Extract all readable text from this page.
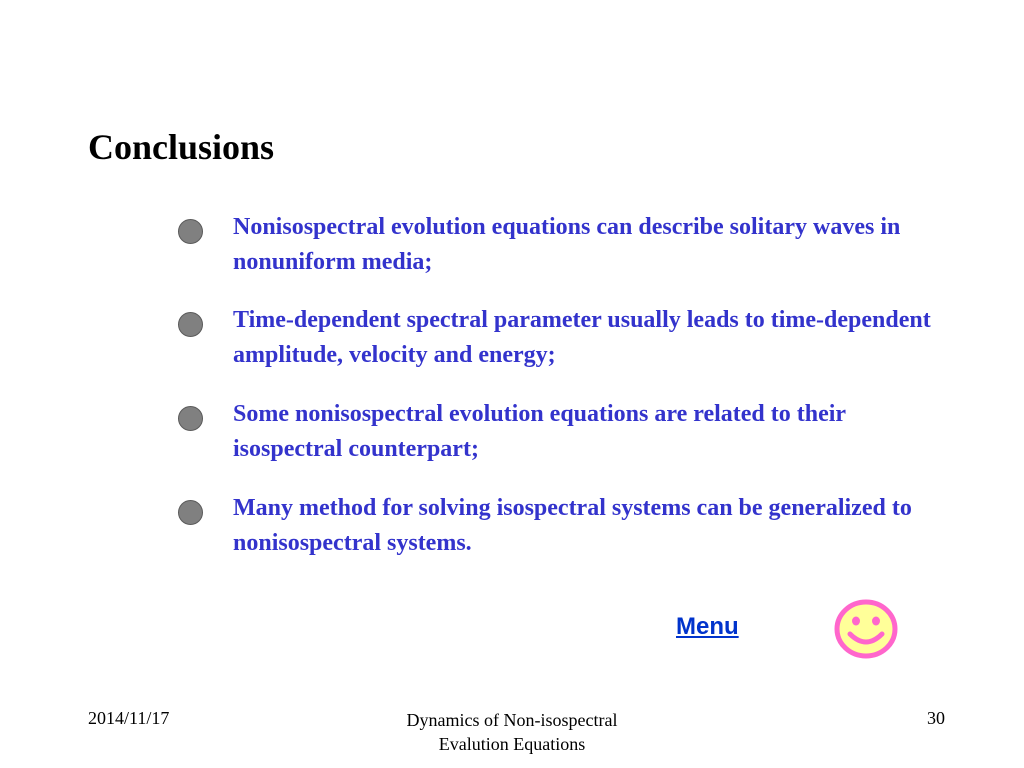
Conclusions
Nonisospectral evolution equations can describe solitary waves in nonuniform media;
Time-dependent spectral parameter usually leads to time-dependent amplitude, velocity and energy;
Some nonisospectral evolution equations are related to their isospectral counterpart;
Many method for solving isospectral systems can be generalized to nonisospectral systems.
Menu
2014/11/17	Dynamics of Non-isospectral
Evalution Equations
30
